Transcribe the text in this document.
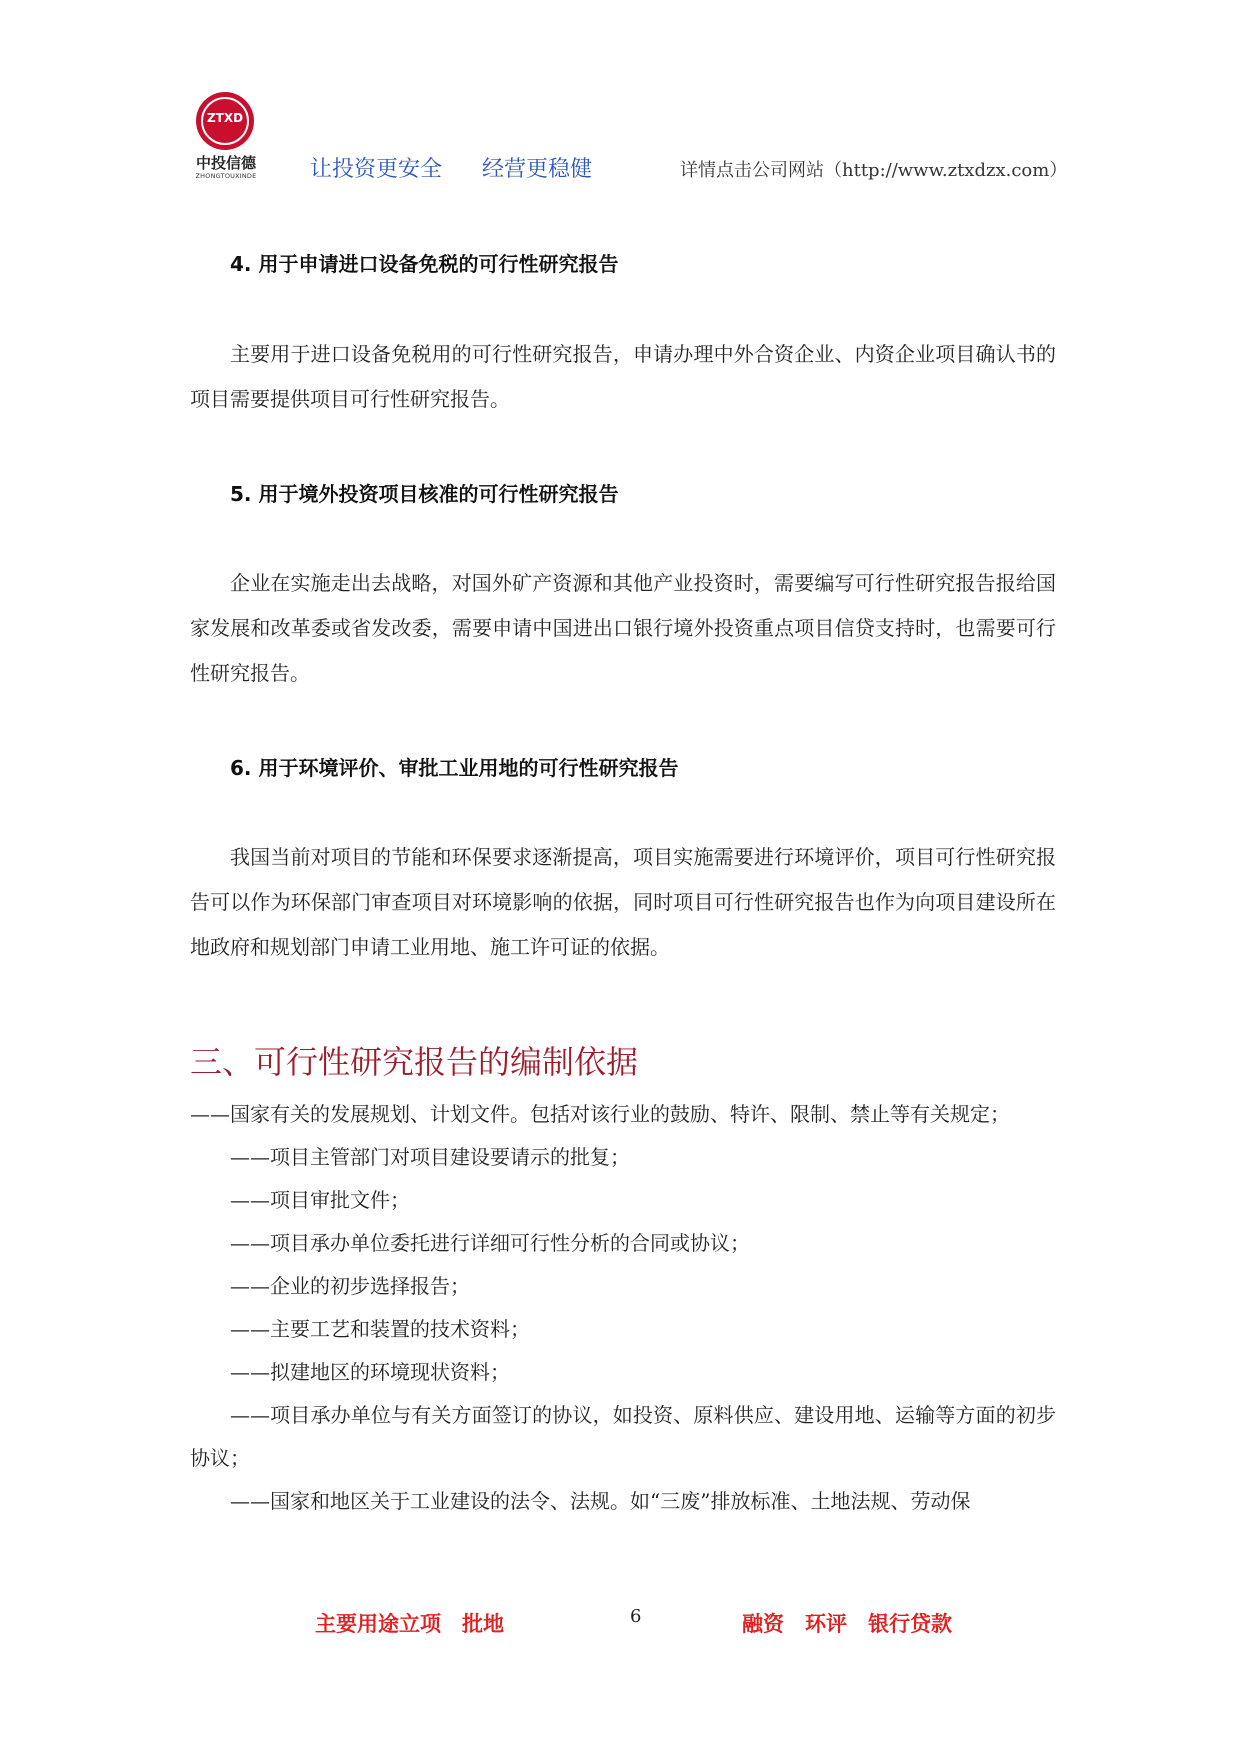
ZTXD
中投信德
ZHONGTOUXINDE	让投资更安全 经营更稳健	详情点击公司网站（http://www.ztxdzx.com）
4. 用于申请进口设备免税的可行性研究报告
主要用于进口设备免税用的可行性研究报告，申请办理中外合资企业、内资企业项目确认书的项目需要提供项目可行性研究报告。
5. 用于境外投资项目核准的可行性研究报告
企业在实施走出去战略，对国外矿产资源和其他产业投资时，需要编写可行性研究报告报给国家发展和改革委或省发改委，需要申请中国进出口银行境外投资重点项目信贷支持时，也需要可行性研究报告。
6. 用于环境评价、审批工业用地的可行性研究报告
我国当前对项目的节能和环保要求逐渐提高，项目实施需要进行环境评价，项目可行性研究报告可以作为环保部门审查项目对环境影响的依据，同时项目可行性研究报告也作为向项目建设所在地政府和规划部门申请工业用地、施工许可证的依据。
三、可行性研究报告的编制依据
——国家有关的发展规划、计划文件。包括对该行业的鼓励、特许、限制、禁止等有关规定；
——项目主管部门对项目建设要请示的批复；
——项目审批文件；
——项目承办单位委托进行详细可行性分析的合同或协议；
——企业的初步选择报告；
——主要工艺和装置的技术资料；
——拟建地区的环境现状资料；
——项目承办单位与有关方面签订的协议，如投资、原料供应、建设用地、运输等方面的初步协议；
——国家和地区关于工业建设的法令、法规。如“三废”排放标准、土地法规、劳动保
主要用途立项　批地	6	融资　环评　银行贷款
